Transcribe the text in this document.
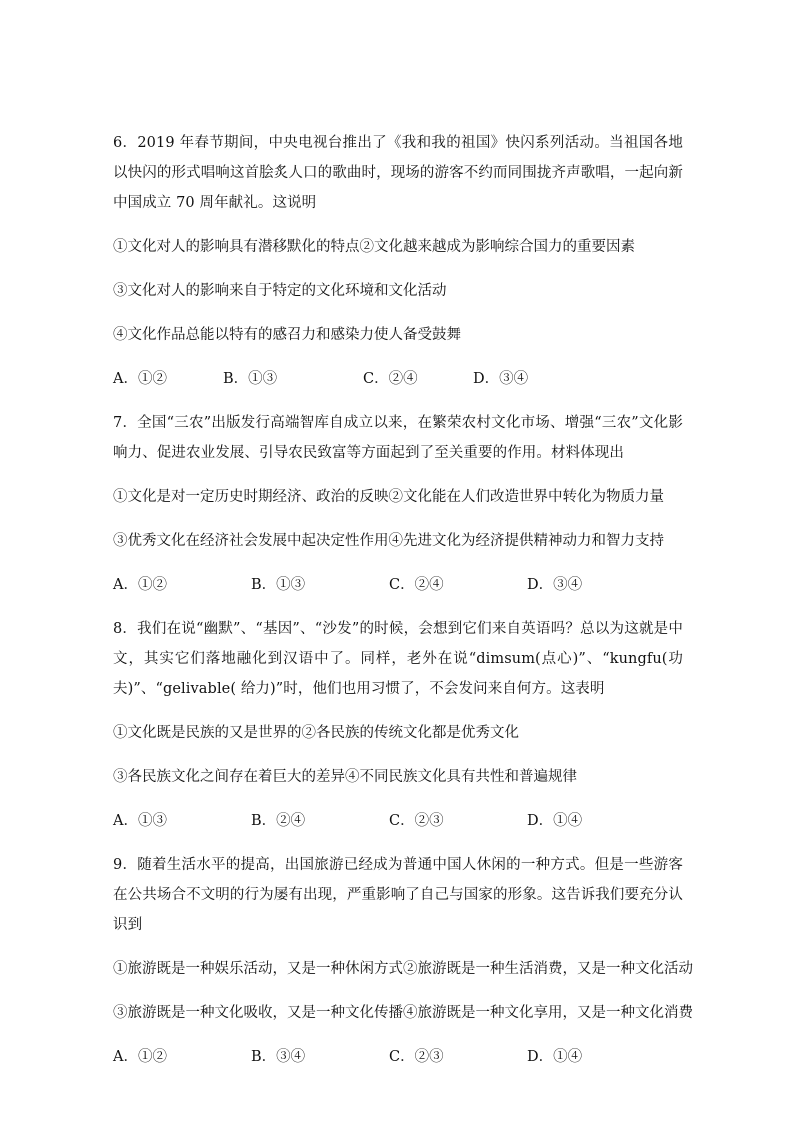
6．2019 年春节期间，中央电视台推出了《我和我的祖国》快闪系列活动。当祖国各地以快闪的形式唱响这首脍炙人口的歌曲时，现场的游客不约而同围拢齐声歌唱，一起向新中国成立 70 周年献礼。这说明

①文化对人的影响具有潜移默化的特点②文化越来越成为影响综合国力的重要因素
③文化对人的影响来自于特定的文化环境和文化活动
④文化作品总能以特有的感召力和感染力使人备受鼓舞
A．①②	B．①③	C．②④	D．③④

7．全国“三农”出版发行高端智库自成立以来，在繁荣农村文化市场、增强“三农”文化影响力、促进农业发展、引导农民致富等方面起到了至关重要的作用。材料体现出

①文化是对一定历史时期经济、政治的反映②文化能在人们改造世界中转化为物质力量
③优秀文化在经济社会发展中起决定性作用④先进文化为经济提供精神动力和智力支持
A．①②	B．①③	C．②④	D．③④

8．我们在说“幽默”、“基因”、“沙发”的时候，会想到它们来自英语吗？总以为这就是中文，其实它们落地融化到汉语中了。同样，老外在说“dimsum(点心)”、“kungfu(功夫)”、“gelivable( 给力)”时，他们也用习惯了，不会发问来自何方。这表明

①文化既是民族的又是世界的②各民族的传统文化都是优秀文化
③各民族文化之间存在着巨大的差异④不同民族文化具有共性和普遍规律
A．①③	B．②④	C．②③	D．①④

9．随着生活水平的提高，出国旅游已经成为普通中国人休闲的一种方式。但是一些游客在公共场合不文明的行为屡有出现，严重影响了自己与国家的形象。这告诉我们要充分认识到

①旅游既是一种娱乐活动，又是一种休闲方式②旅游既是一种生活消费，又是一种文化活动
③旅游既是一种文化吸收，又是一种文化传播④旅游既是一种文化享用，又是一种文化消费
A．①②	B．③④	C．②③	D．①④
